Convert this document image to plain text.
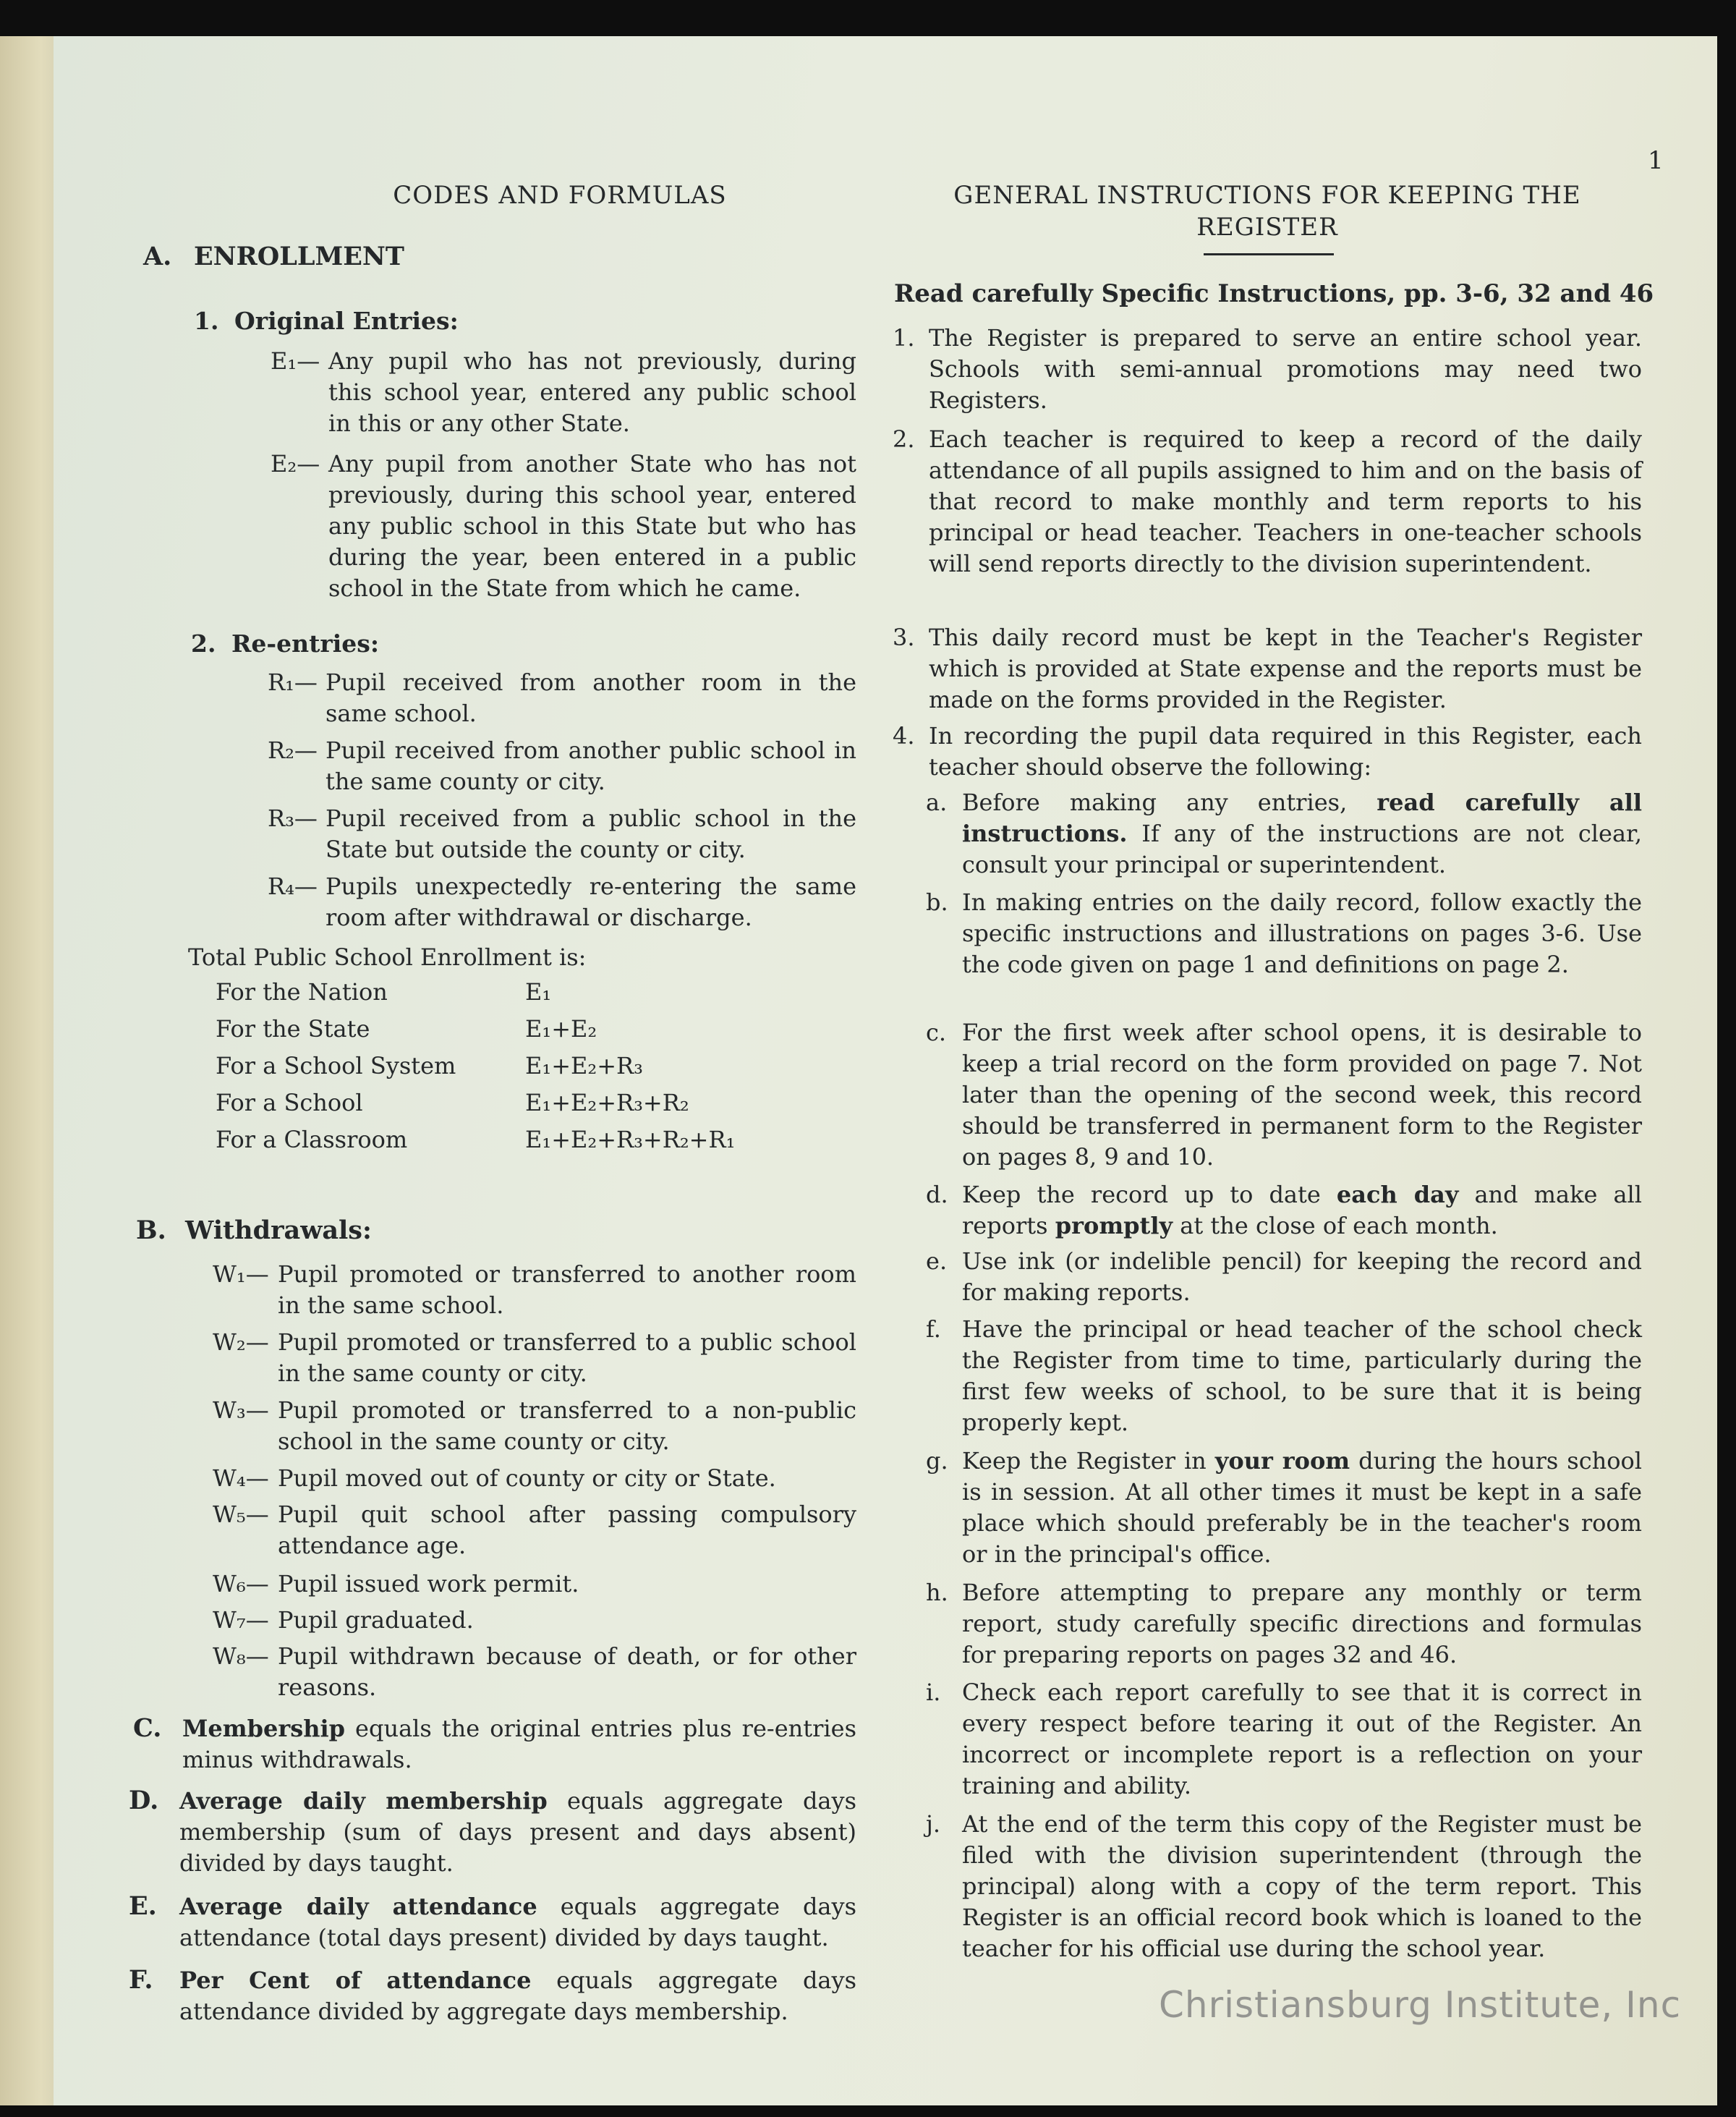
1
CODES AND FORMULAS
A. ENROLLMENT
1. Original Entries:
E₁— Any pupil who has not previously, during this school year, entered any public school in this or any other State.
E₂— Any pupil from another State who has not previously, during this school year, entered any public school in this State but who has during the year, been entered in a public school in the State from which he came.
2. Re-entries:
R₁— Pupil received from another room in the same school.
R₂— Pupil received from another public school in the same county or city.
R₃— Pupil received from a public school in the State but outside the county or city.
R₄— Pupils unexpectedly re-entering the same room after withdrawal or discharge.
Total Public School Enrollment is:
For the Nation	E₁
For the State	E₁+E₂
For a School System	E₁+E₂+R₃
For a School	E₁+E₂+R₃+R₂
For a Classroom	E₁+E₂+R₃+R₂+R₁
B. Withdrawals:
W₁— Pupil promoted or transferred to another room in the same school.
W₂— Pupil promoted or transferred to a public school in the same county or city.
W₃— Pupil promoted or transferred to a non-public school in the same county or city.
W₄— Pupil moved out of county or city or State.
W₅— Pupil quit school after passing compulsory attendance age.
W₆— Pupil issued work permit.
W₇— Pupil graduated.
W₈— Pupil withdrawn because of death, or for other reasons.
C. Membership equals the original entries plus re-entries minus withdrawals.
D. Average daily membership equals aggregate days membership (sum of days present and days absent) divided by days taught.
E. Average daily attendance equals aggregate days attendance (total days present) divided by days taught.
F. Per Cent of attendance equals aggregate days attendance divided by aggregate days membership.
GENERAL INSTRUCTIONS FOR KEEPING THE
REGISTER
Read carefully Specific Instructions, pp. 3-6, 32 and 46
1. The Register is prepared to serve an entire school year. Schools with semi-annual promotions may need two Registers.
2. Each teacher is required to keep a record of the daily attendance of all pupils assigned to him and on the basis of that record to make monthly and term reports to his principal or head teacher. Teachers in one-teacher schools will send reports directly to the division superintendent.
3. This daily record must be kept in the Teacher's Register which is provided at State expense and the reports must be made on the forms provided in the Register.
4. In recording the pupil data required in this Register, each teacher should observe the following:
a. Before making any entries, read carefully all instructions. If any of the instructions are not clear, consult your principal or superintendent.
b. In making entries on the daily record, follow exactly the specific instructions and illustrations on pages 3-6. Use the code given on page 1 and definitions on page 2.
c. For the first week after school opens, it is desirable to keep a trial record on the form provided on page 7. Not later than the opening of the second week, this record should be transferred in permanent form to the Register on pages 8, 9 and 10.
d. Keep the record up to date each day and make all reports promptly at the close of each month.
e. Use ink (or indelible pencil) for keeping the record and for making reports.
f. Have the principal or head teacher of the school check the Register from time to time, particularly during the first few weeks of school, to be sure that it is being properly kept.
g. Keep the Register in your room during the hours school is in session. At all other times it must be kept in a safe place which should preferably be in the teacher's room or in the principal's office.
h. Before attempting to prepare any monthly or term report, study carefully specific directions and formulas for preparing reports on pages 32 and 46.
i. Check each report carefully to see that it is correct in every respect before tearing it out of the Register. An incorrect or incomplete report is a reflection on your training and ability.
j. At the end of the term this copy of the Register must be filed with the division superintendent (through the principal) along with a copy of the term report. This Register is an official record book which is loaned to the teacher for his official use during the school year.
Christiansburg Institute, Inc
